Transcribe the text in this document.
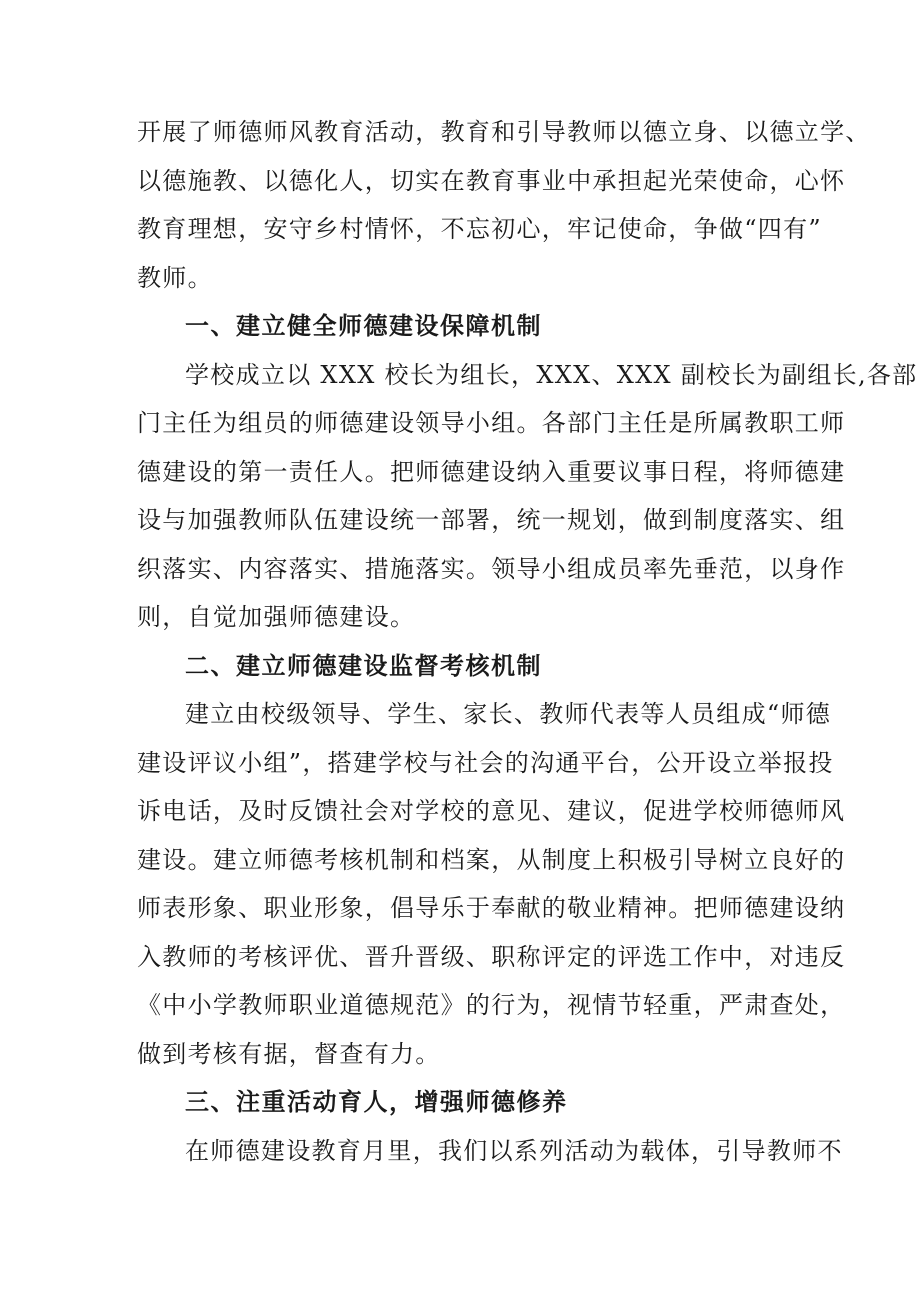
开展了师德师风教育活动，教育和引导教师以德立身、以德立学、
以德施教、以德化人，切实在教育事业中承担起光荣使命，心怀
教育理想，安守乡村情怀，不忘初心，牢记使命，争做“四有”
教师。

一、建立健全师德建设保障机制

学校成立以 XXX 校长为组长，XXX、XXX 副校长为副组长,各部
门主任为组员的师德建设领导小组。各部门主任是所属教职工师
德建设的第一责任人。把师德建设纳入重要议事日程，将师德建
设与加强教师队伍建设统一部署，统一规划，做到制度落实、组
织落实、内容落实、措施落实。领导小组成员率先垂范，以身作
则，自觉加强师德建设。

二、建立师德建设监督考核机制

建立由校级领导、学生、家长、教师代表等人员组成“师德
建设评议小组”，搭建学校与社会的沟通平台，公开设立举报投
诉电话，及时反馈社会对学校的意见、建议，促进学校师德师风
建设。建立师德考核机制和档案，从制度上积极引导树立良好的
师表形象、职业形象，倡导乐于奉献的敬业精神。把师德建设纳
入教师的考核评优、晋升晋级、职称评定的评选工作中，对违反
《中小学教师职业道德规范》的行为，视情节轻重，严肃查处，
做到考核有据，督查有力。

三、注重活动育人，增强师德修养

在师德建设教育月里，我们以系列活动为载体，引导教师不
